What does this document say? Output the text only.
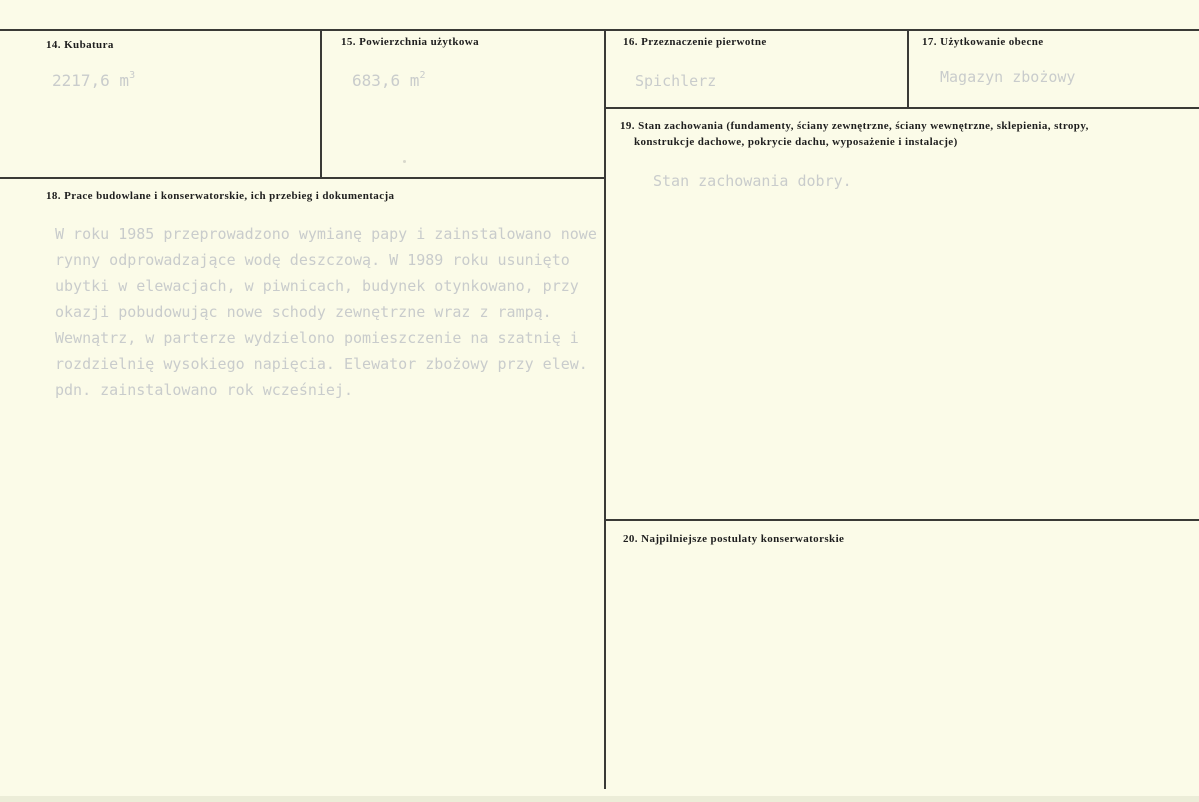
14. Kubatura
2217,6 $m^3$
15. Powierzchnia użytkowa
683,6 $m^2$
16. Przeznaczenie pierwotne
Spichlerz
17. Użytkowanie obecne
Magazyn zbożowy
19. Stan zachowania (fundamenty, ściany zewnętrzne, ściany wewnętrzne, sklepienia, stropy,
konstrukcje dachowe, pokrycie dachu, wyposażenie i instalacje)
Stan zachowania dobry.
18. Prace budowlane i konserwatorskie, ich przebieg i dokumentacja
W roku 1985 przeprowadzono wymianę papy i zainstalowano nowe
rynny odprowadzające wodę deszczową. W 1989 roku usunięto
ubytki w elewacjach, w piwnicach, budynek otynkowano, przy
okazji pobudowując nowe schody zewnętrzne wraz z rampą.
Wewnątrz, w parterze wydzielono pomieszczenie na szatnię i
rozdzielnię wysokiego napięcia. Elewator zbożowy przy elew.
pdn. zainstalowano rok wcześniej.
20. Najpilniejsze postulaty konserwatorskie
